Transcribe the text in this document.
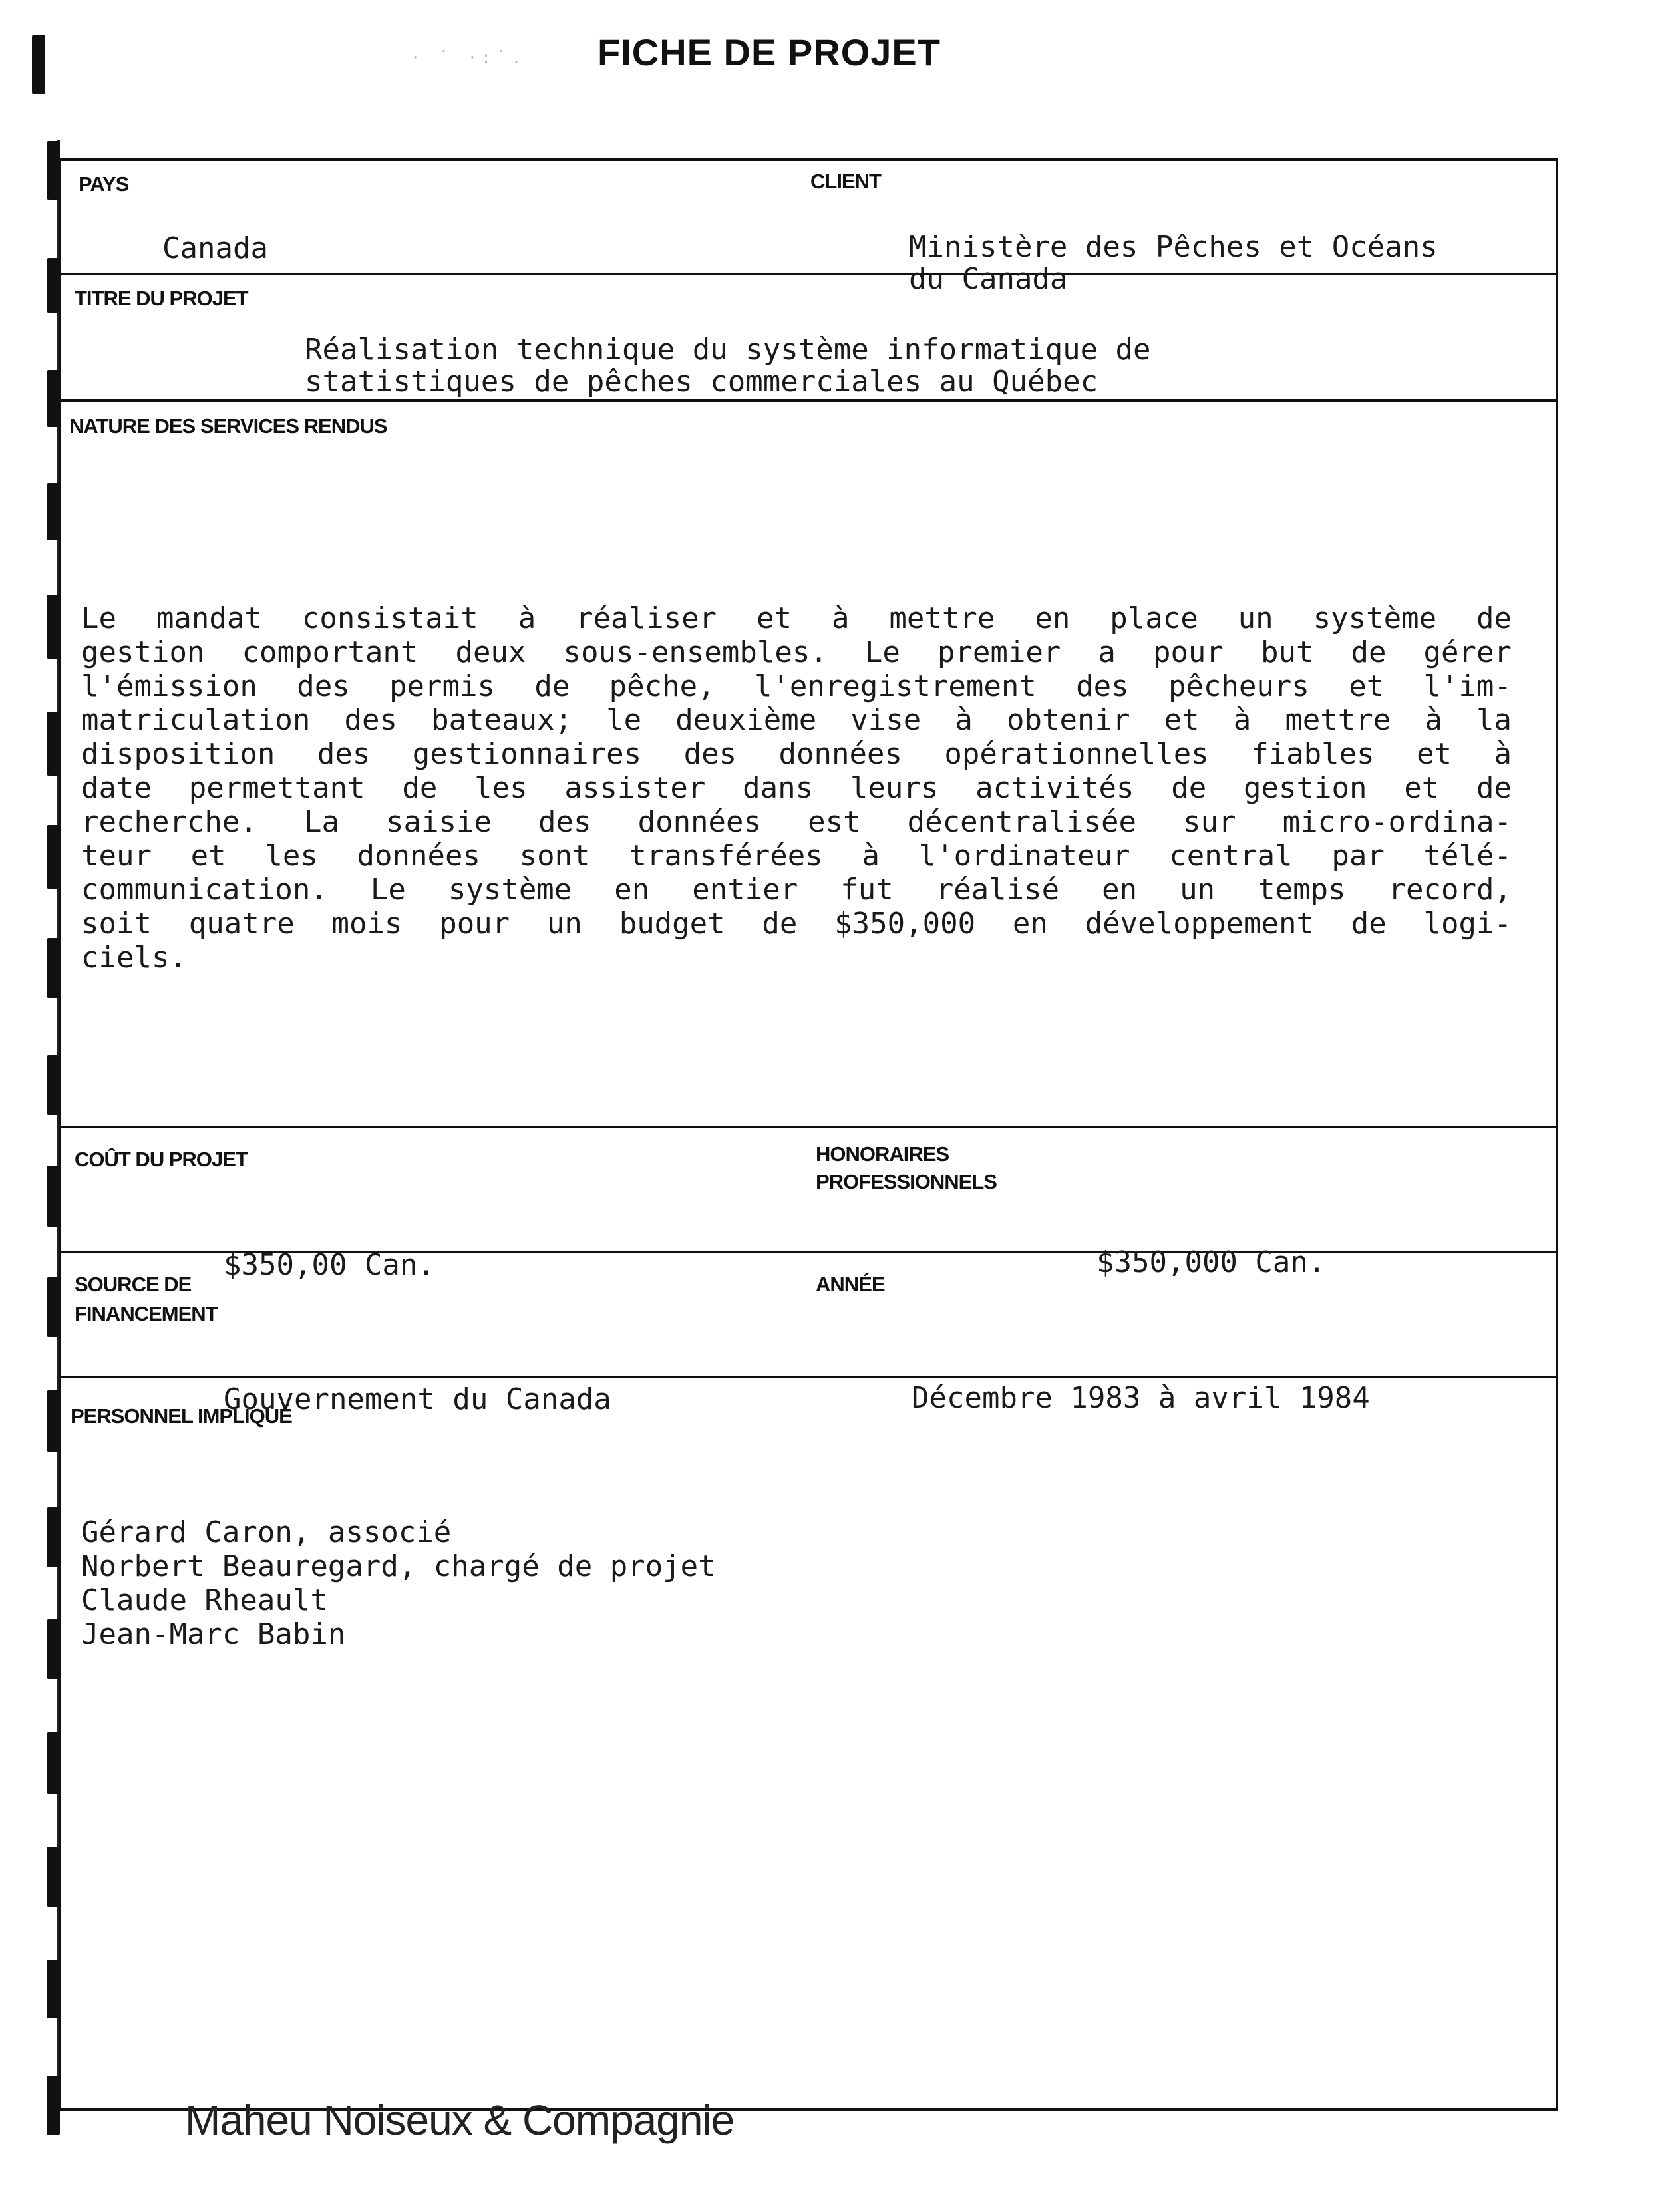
· ˙ ·:˙. FICHE DE PROJET
PAYS
Canada
CLIENT
Ministère des Pêches et Océans
du Canada
TITRE DU PROJET
Réalisation technique du système informatique de
statistiques de pêches commerciales au Québec
NATURE DES SERVICES RENDUS

Le mandat consistait à réaliser et à mettre en place un système de
gestion comportant deux sous-ensembles. Le premier a pour but de gérer
l'émission des permis de pêche, l'enregistrement des pêcheurs et l'im-
matriculation des bateaux; le deuxième vise à obtenir et à mettre à la
disposition des gestionnaires des données opérationnelles fiables et à
date permettant de les assister dans leurs activités de gestion et de
recherche. La saisie des données est décentralisée sur micro-ordina-
teur et les données sont transférées à l'ordinateur central par télé-
communication. Le système en entier fut réalisé en un temps record,
soit quatre mois pour un budget de $350,000 en développement de logi-
ciels.

COÛT DU PROJET	HONORAIRES
PROFESSIONNELS
$350,00 Can.	$350,000 Can.
SOURCE DE
FINANCEMENT
ANNÉE
Gouvernement du Canada	Décembre 1983 à avril 1984
PERSONNEL IMPLIQUÉ
Gérard Caron, associé
Norbert Beauregard, chargé de projet
Claude Rheault
Jean-Marc Babin
Maheu Noiseux & Compagnie
